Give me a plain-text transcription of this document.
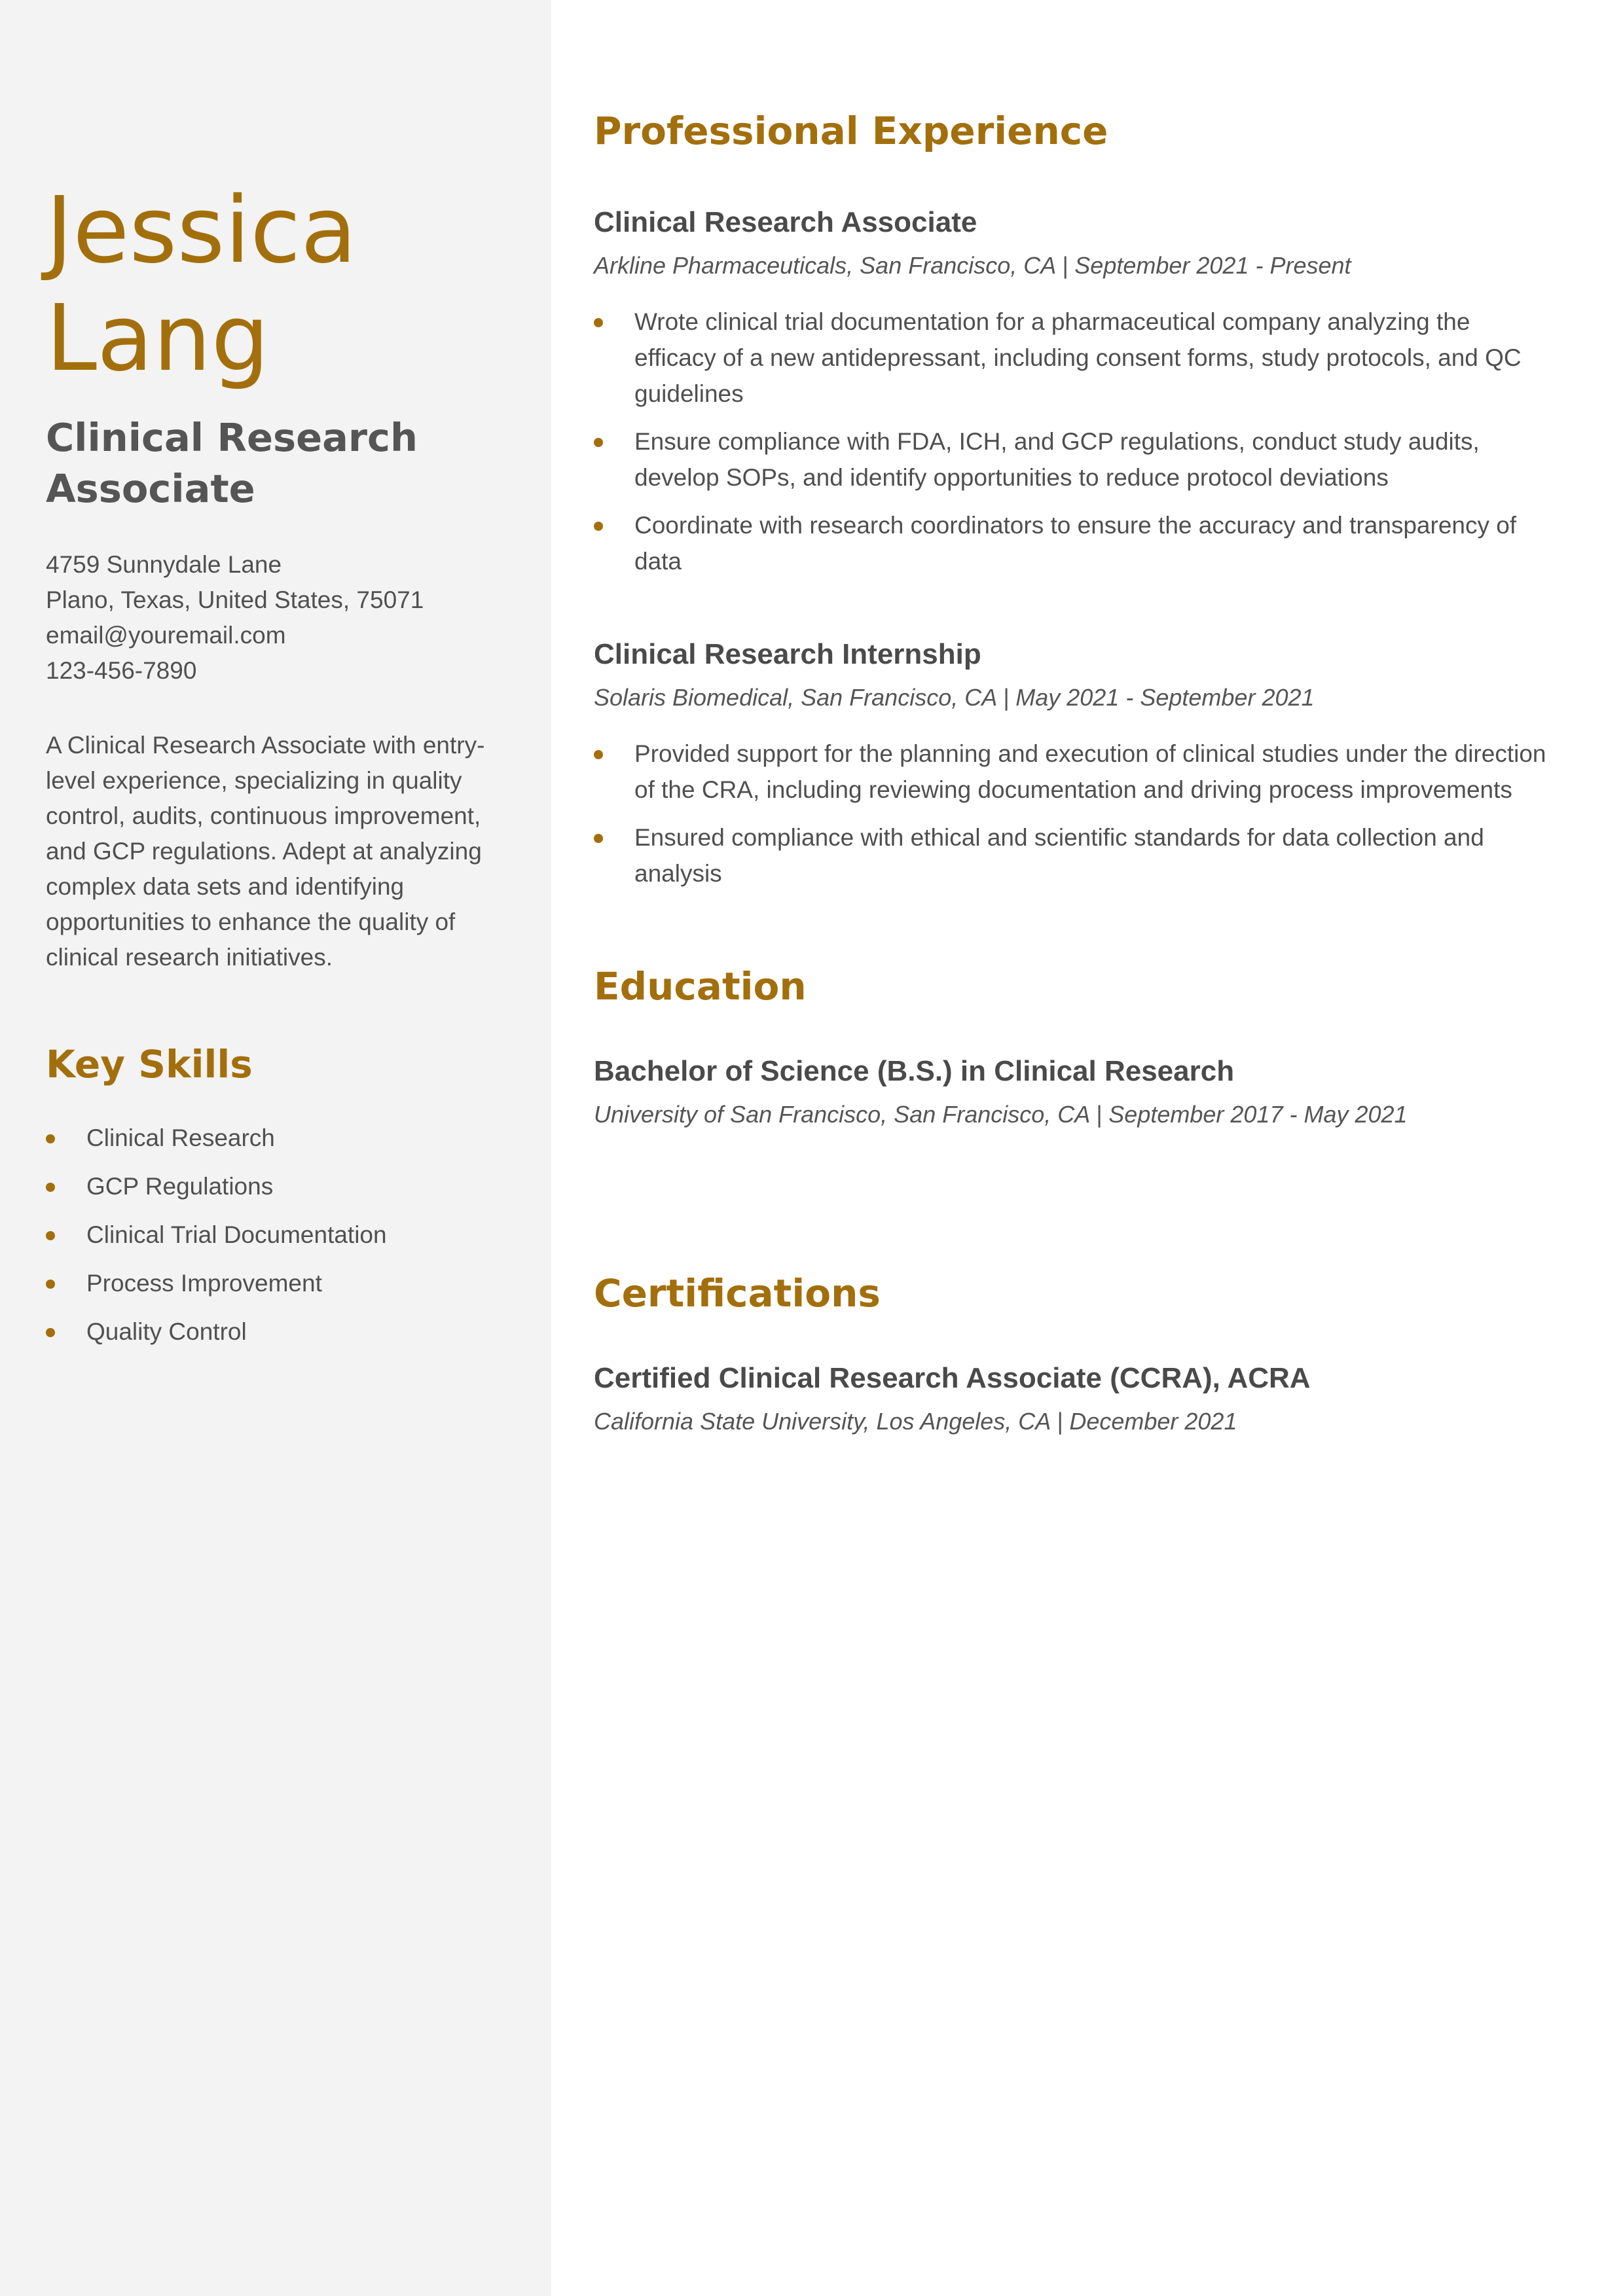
Jessica
Lang
Clinical Research
Associate
4759 Sunnydale Lane
Plano, Texas, United States, 75071
email@youremail.com
123-456-7890

A Clinical Research Associate with entry-level experience, specializing in quality control, audits, continuous improvement, and GCP regulations. Adept at analyzing complex data sets and identifying opportunities to enhance the quality of clinical research initiatives.

Key Skills
Clinical Research
GCP Regulations
Clinical Trial Documentation
Process Improvement
Quality Control
Professional Experience
Clinical Research Associate

Arkline Pharmaceuticals, San Francisco, CA | September 2021 - Present

Wrote clinical trial documentation for a pharmaceutical company analyzing the efficacy of a new antidepressant, including consent forms, study protocols, and QC guidelines
Ensure compliance with FDA, ICH, and GCP regulations, conduct study audits, develop SOPs, and identify opportunities to reduce protocol deviations
Coordinate with research coordinators to ensure the accuracy and transparency of data
Clinical Research Internship

Solaris Biomedical, San Francisco, CA | May 2021 - September 2021

Provided support for the planning and execution of clinical studies under the direction of the CRA, including reviewing documentation and driving process improvements
Ensured compliance with ethical and scientific standards for data collection and analysis
Education
Bachelor of Science (B.S.) in Clinical Research

University of San Francisco, San Francisco, CA | September 2017 - May 2021

Certifications
Certified Clinical Research Associate (CCRA), ACRA

California State University, Los Angeles, CA | December 2021
